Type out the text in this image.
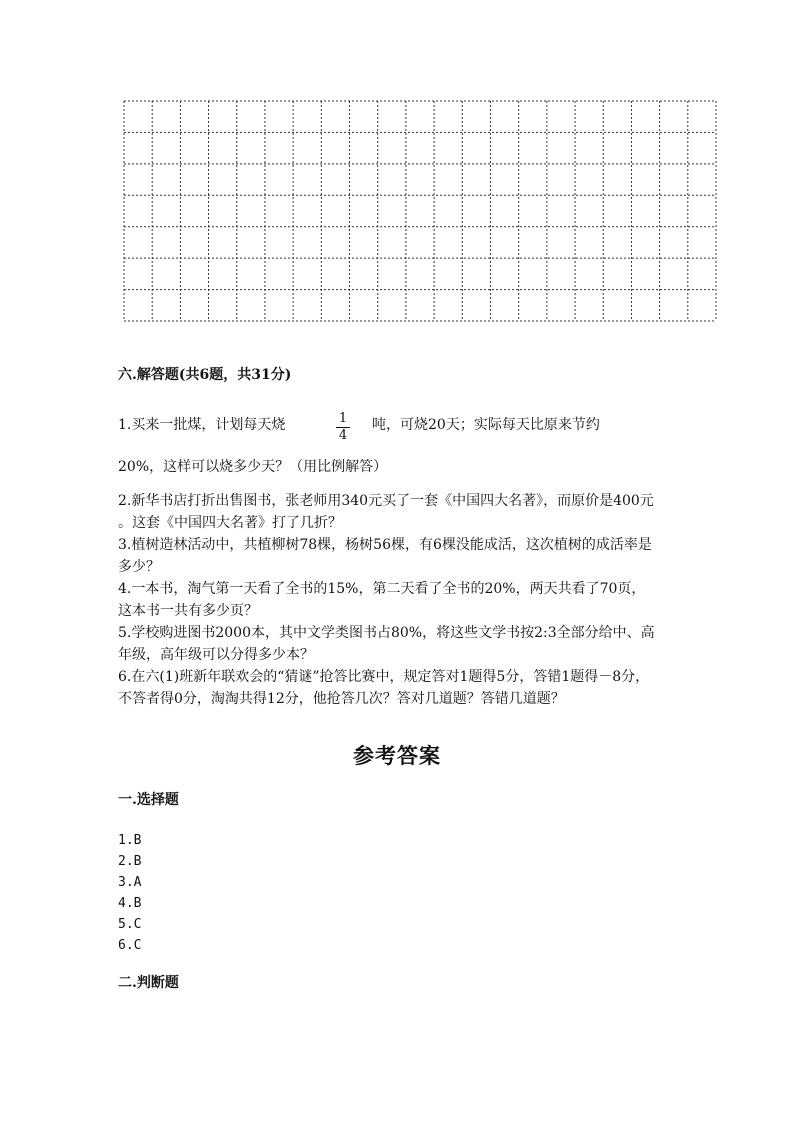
六.解答题(共6题，共31分)
1.买来一批煤，计划每天烧	$\frac{1}{4}$ 吨，可烧20天；实际每天比原来节约
20%，这样可以烧多少天？（用比例解答）

2.新华书店打折出售图书，张老师用340元买了一套《中国四大名著》，而原价是400元 。这套《中国四大名著》打了几折？

3.植树造林活动中，共植柳树78棵，杨树56棵，有6棵没能成活，这次植树的成活率是多少？

4.一本书，淘气第一天看了全书的15%，第二天看了全书的20%，两天共看了70页，这本书一共有多少页？

5.学校购进图书2000本，其中文学类图书占80%，将这些文学书按2:3全部分给中、高年级，高年级可以分得多少本？

6.在六(1)班新年联欢会的“猜谜”抢答比赛中，规定答对1题得5分，答错1题得－8分，不答者得0分，淘淘共得12分，他抢答几次？答对几道题？答错几道题？

参考答案
一.选择题
1.B
2.B
3.A
4.B
5.C
6.C
二.判断题
